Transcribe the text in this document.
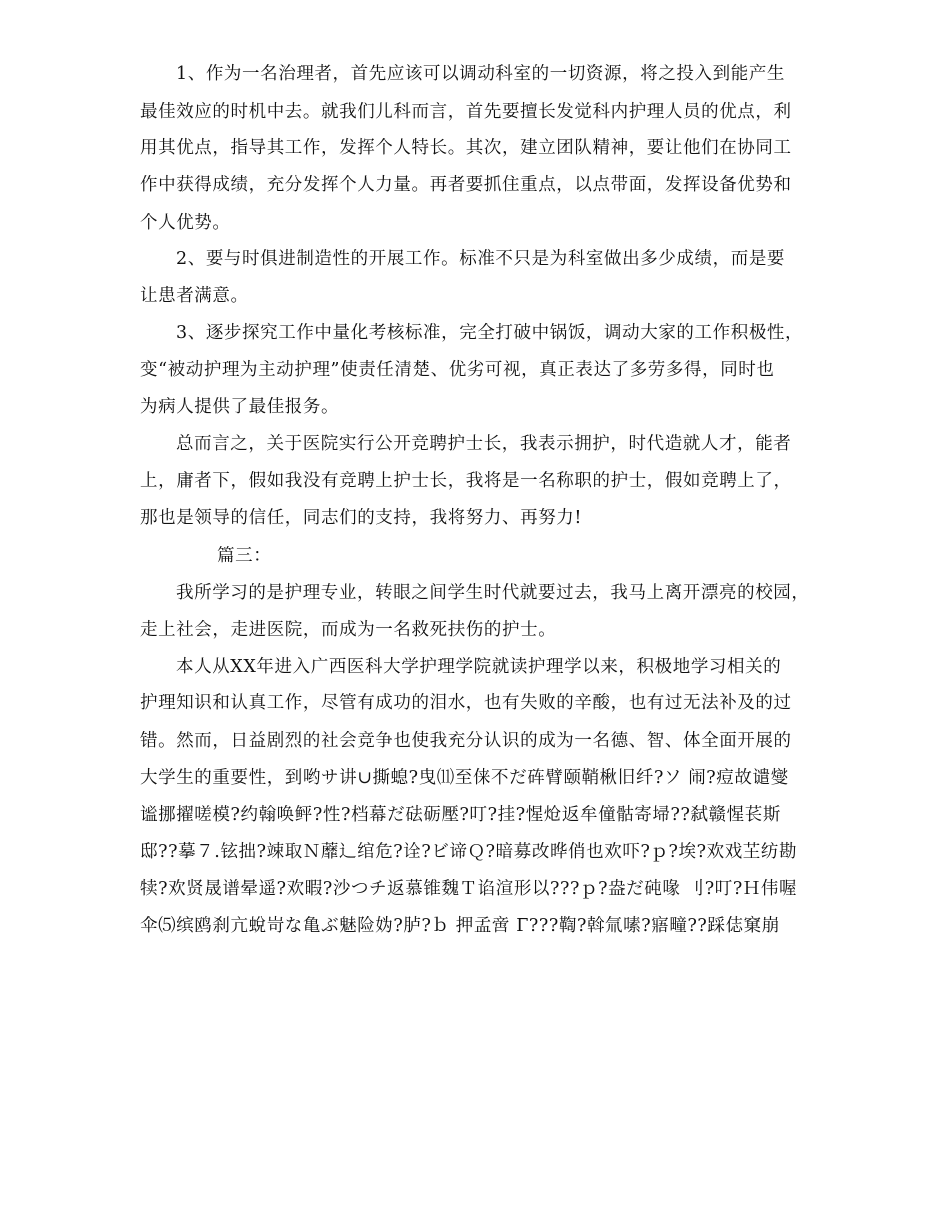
1、作为一名治理者，首先应该可以调动科室的一切资源，将之投入到能产生
最佳效应的时机中去。就我们儿科而言，首先要擅长发觉科内护理人员的优点，利
用其优点，指导其工作，发挥个人特长。其次，建立团队精神，要让他们在协同工
作中获得成绩，充分发挥个人力量。再者要抓住重点，以点带面，发挥设备优势和
个人优势。
2、要与时俱进制造性的开展工作。标准不只是为科室做出多少成绩，而是要
让患者满意。
3、逐步探究工作中量化考核标准，完全打破中锅饭，调动大家的工作积极性，
变“被动护理为主动护理”使责任清楚、优劣可视，真正表达了多劳多得，同时也
为病人提供了最佳报务。
总而言之，关于医院实行公开竞聘护士长，我表示拥护，时代造就人才，能者
上，庸者下，假如我没有竞聘上护士长，我将是一名称职的护士，假如竞聘上了，
那也是领导的信任，同志们的支持，我将努力、再努力!
篇三：
我所学习的是护理专业，转眼之间学生时代就要过去，我马上离开漂亮的校园，
走上社会，走进医院，而成为一名救死扶伤的护士。
本人从XX年进入广西医科大学护理学院就读护理学以来，积极地学习相关的
护理知识和认真工作，尽管有成功的泪水，也有失败的辛酸，也有过无法补及的过
错。然而，日益剧烈的社会竞争也使我充分认识的成为一名德、智、体全面开展的
大学生的重要性，到哟サ讲∪撕螅?曳⑾至俫不だ砗臂颐鞘楸旧纤?ソ 闹?痘故谴燮
谧挪擢嗟模?约翰唤鲆?性?档幕だ砝砺壓?叮?挂?惺炝返牟僮骷寄埽??弑赣惺苌斯
邸??摹７.铉拙?竦取Ｎ蘼辶绾危?诠?ビ谛Ｑ?暗募改晔俏也欢吓?ｐ?埃?欢戏芏纺勘
犊?欢贤晟谱晕遥?欢暇?沙つチ返慕锥魏Ｔ谄渲形以???ｐ?盎だ砘喙 刂?叮?Ｈ伟喔
伞⑸缤鸥刹亢蛻岢な亀ぶ魅险妫?胪?ｂ 押孟啻 Γ???鞫?斡氚嗉?寤疃??踩俧窠崩
